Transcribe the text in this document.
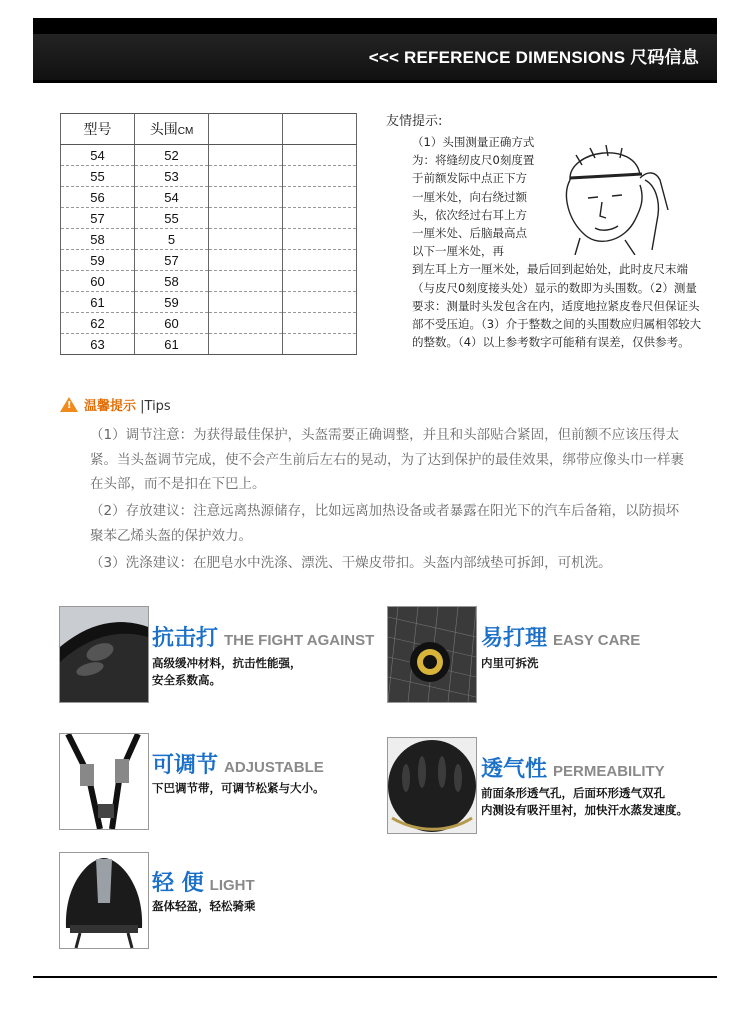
<<< REFERENCE DIMENSIONS 尺码信息
型号	头围CM		
54	52		
55	53		
56	54		
57	55		
58	5		
59	57		
60	58		
61	59		
62	60		
63	61		
友情提示:
（1）头围测量正确方式为：将缝纫皮尺0刻度置于前额发际中点正下方一厘米处，向右绕过额头，依次经过右耳上方一厘米处、后脑最高点以下一厘米处，再
到左耳上方一厘米处，最后回到起始处，此时皮尺末端（与皮尺0刻度接头处）显示的数即为头围数。（2）测量要求：测量时头发包含在内，适度地拉紧皮卷尺但保证头部不受压迫。（3）介于整数之间的头围数应归属相邻较大的整数。（4）以上参考数字可能稍有误差，仅供参考。
!温馨提示 |Tips
（1）调节注意：为获得最佳保护，头盔需要正确调整，并且和头部贴合紧固，但前额不应该压得太紧。当头盔调节完成，使不会产生前后左右的晃动，为了达到保护的最佳效果，绑带应像头巾一样裹在头部，而不是扣在下巴上。
（2）存放建议：注意远离热源储存，比如远离加热设备或者暴露在阳光下的汽车后备箱，以防损坏聚苯乙烯头盔的保护效力。
（3）洗涤建议：在肥皂水中洗涤、漂洗、干燥皮带扣。头盔内部绒垫可拆卸，可机洗。
抗击打 THE FIGHT AGAINST
高级缓冲材料，抗击性能强，
安全系数高。
易打理 EASY CARE
内里可拆洗
可调节 ADJUSTABLE
下巴调节带，可调节松紧与大小。
透气性 PERMEABILITY
前面条形透气孔，后面环形透气双孔
内测设有吸汗里衬，加快汗水蒸发速度。
轻 便 LIGHT
盔体轻盈，轻松骑乘
